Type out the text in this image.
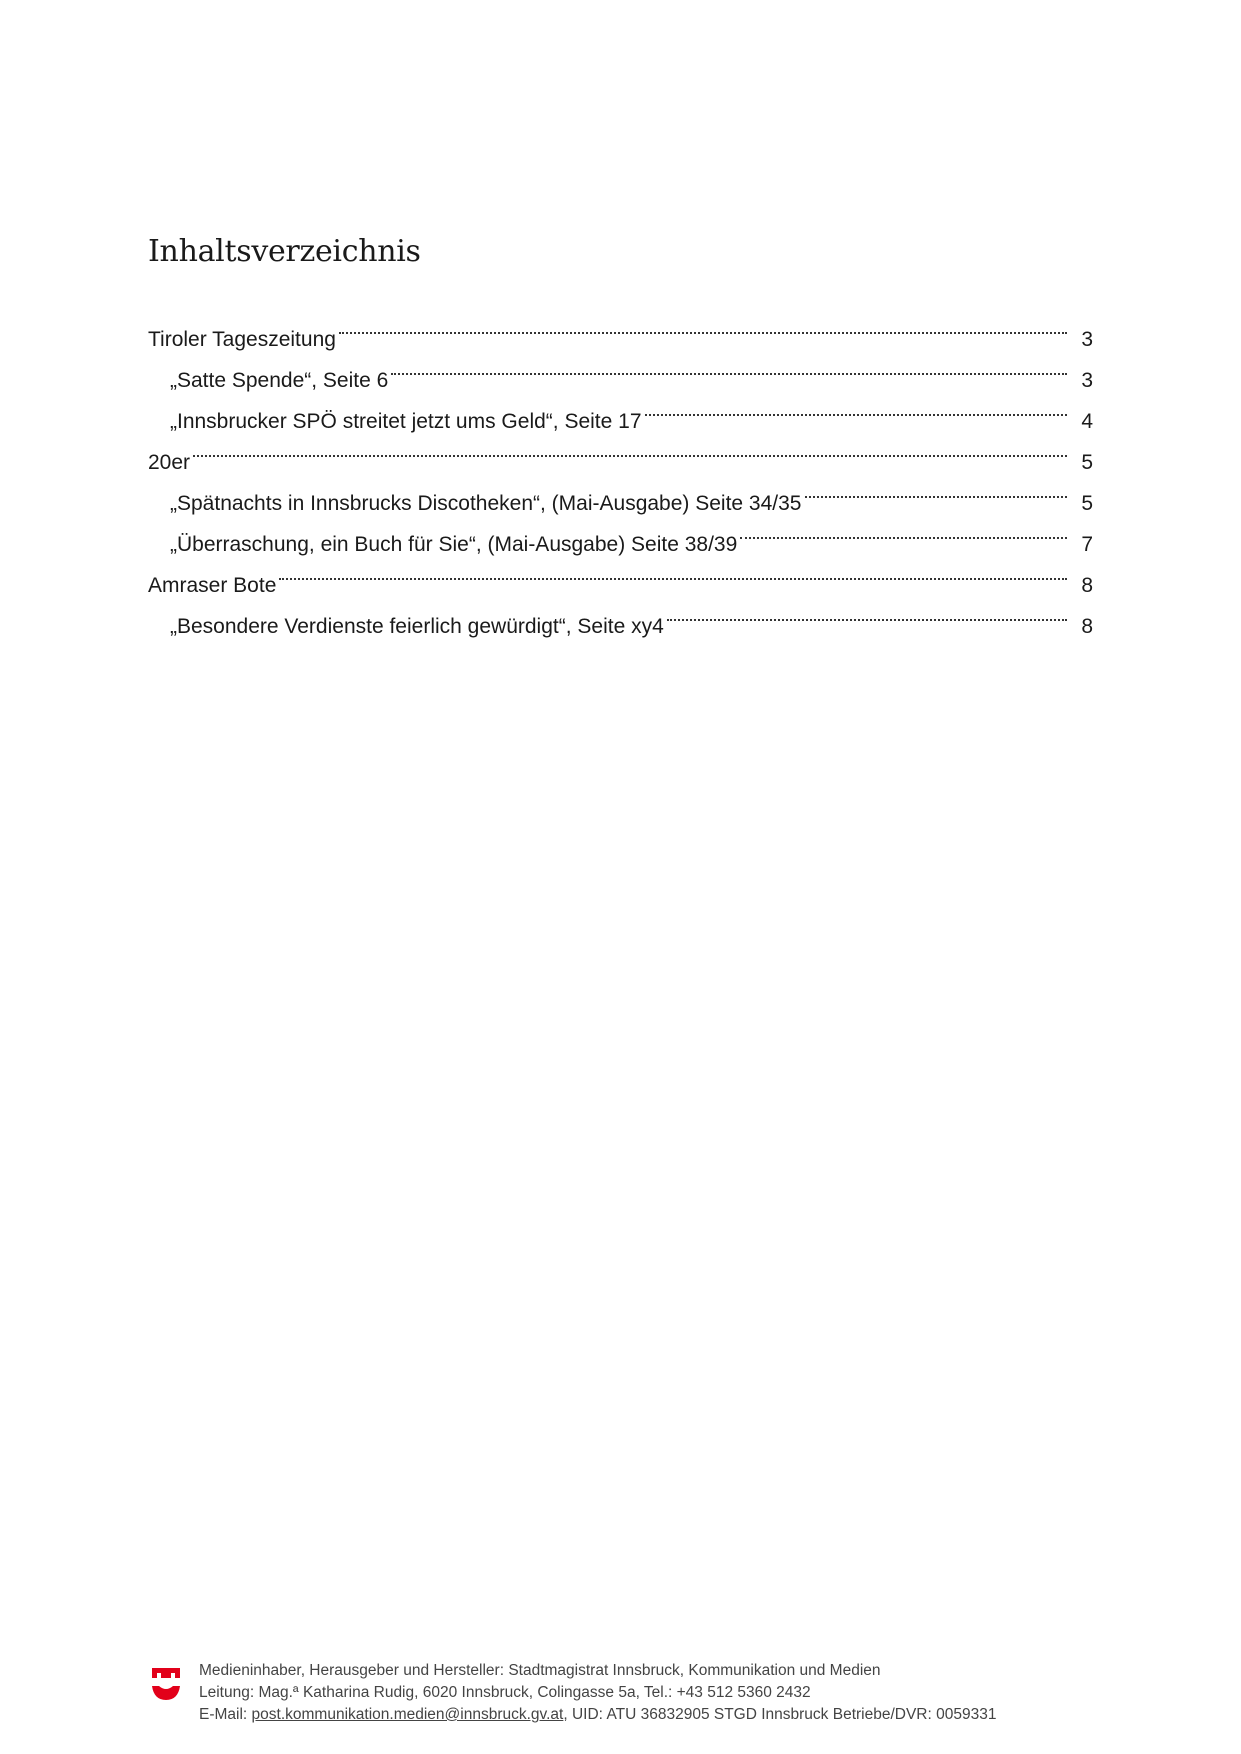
Inhaltsverzeichnis
Tiroler Tageszeitung	3
„Satte Spende“, Seite 6	3
„Innsbrucker SPÖ streitet jetzt ums Geld“, Seite 17	4
20er	5
„Spätnachts in Innsbrucks Discotheken“, (Mai-Ausgabe) Seite 34/35	5
„Überraschung, ein Buch für Sie“, (Mai-Ausgabe) Seite 38/39	7
Amraser Bote	8
„Besondere Verdienste feierlich gewürdigt“, Seite xy4	8
Medieninhaber, Herausgeber und Hersteller: Stadtmagistrat Innsbruck, Kommunikation und Medien
Leitung: Mag.ª Katharina Rudig, 6020 Innsbruck, Colingasse 5a, Tel.: +43 512 5360 2432
E-Mail: post.kommunikation.medien@innsbruck.gv.at, UID: ATU 36832905 STGD Innsbruck Betriebe/DVR: 0059331
